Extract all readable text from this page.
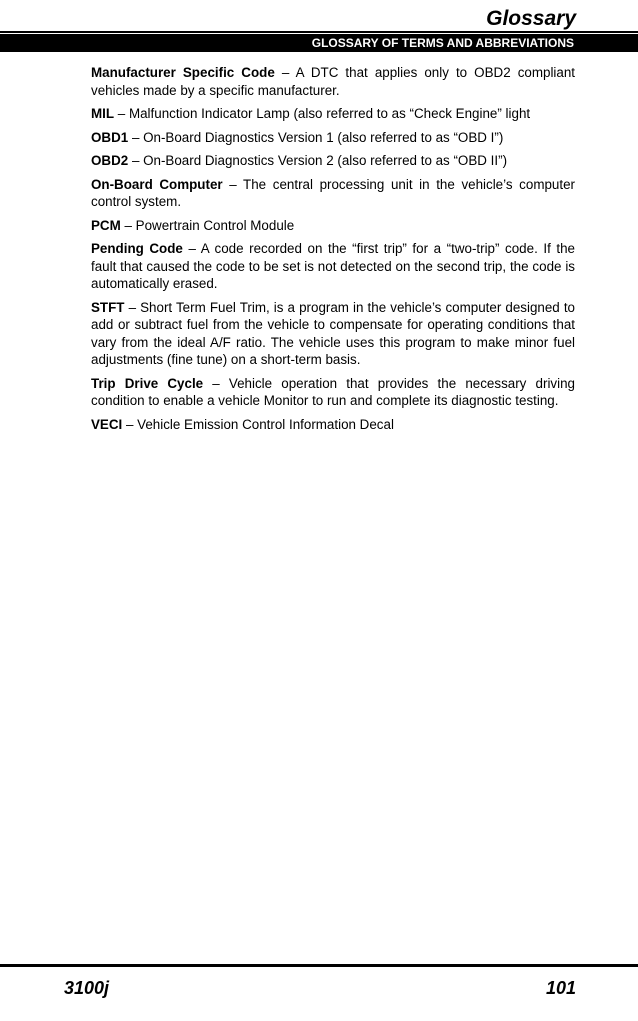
Glossary
GLOSSARY OF TERMS AND ABBREVIATIONS

Manufacturer Specific Code – A DTC that applies only to OBD2 compliant vehicles made by a specific manufacturer.

MIL – Malfunction Indicator Lamp (also referred to as “Check Engine” light

OBD1 – On-Board Diagnostics Version 1 (also referred to as “OBD I”)

OBD2 – On-Board Diagnostics Version 2 (also referred to as “OBD II”)

On-Board Computer – The central processing unit in the vehicle’s computer control system.

PCM – Powertrain Control Module

Pending Code – A code recorded on the “first trip” for a “two-trip” code. If the fault that caused the code to be set is not detected on the second trip, the code is automatically erased.

STFT – Short Term Fuel Trim, is a program in the vehicle’s computer designed to add or subtract fuel from the vehicle to compensate for operating conditions that vary from the ideal A/F ratio. The vehicle uses this program to make minor fuel adjustments (fine tune) on a short-term basis.

Trip Drive Cycle – Vehicle operation that provides the necessary driving condition to enable a vehicle Monitor to run and complete its diagnostic testing.

VECI – Vehicle Emission Control Information Decal

3100j	101
